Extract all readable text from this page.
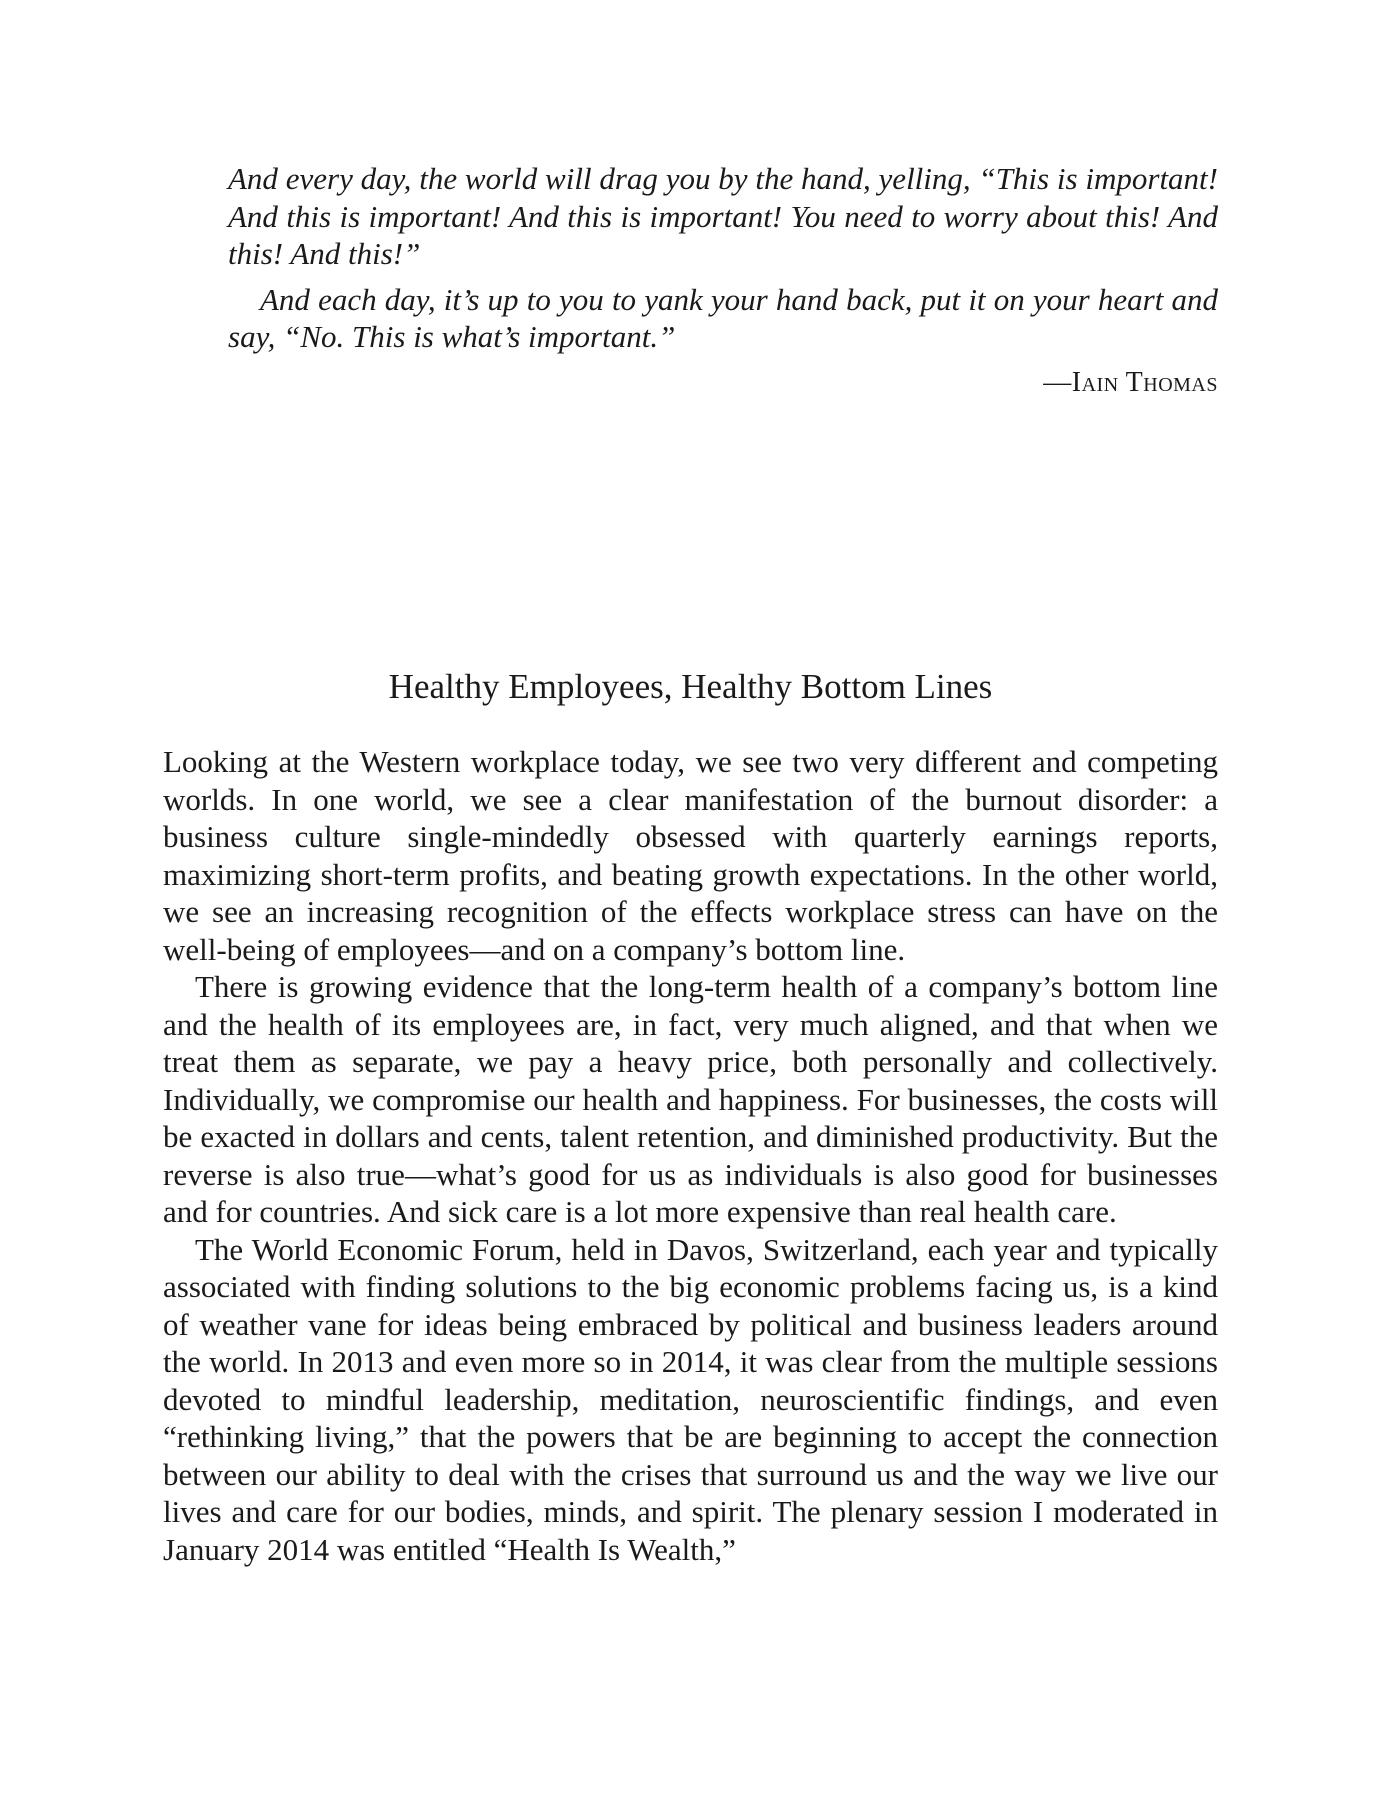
And every day, the world will drag you by the hand, yelling, “This is important! And this is important! And this is important! You need to worry about this! And this! And this!”

And each day, it’s up to you to yank your hand back, put it on your heart and say, “No. This is what’s important.”

—Iain Thomas
Healthy Employees, Healthy Bottom Lines

Looking at the Western workplace today, we see two very different and competing worlds. In one world, we see a clear manifestation of the burnout disorder: a business culture single-mindedly obsessed with quarterly earnings reports, maximizing short-term profits, and beating growth expectations. In the other world, we see an increasing recognition of the effects workplace stress can have on the well-being of employees—and on a company’s bottom line.

There is growing evidence that the long-term health of a company’s bottom line and the health of its employees are, in fact, very much aligned, and that when we treat them as separate, we pay a heavy price, both personally and collectively. Individually, we compromise our health and happiness. For businesses, the costs will be exacted in dollars and cents, talent retention, and diminished productivity. But the reverse is also true—what’s good for us as individuals is also good for businesses and for countries. And sick care is a lot more expensive than real health care.

The World Economic Forum, held in Davos, Switzerland, each year and typically associated with finding solutions to the big economic problems facing us, is a kind of weather vane for ideas being embraced by political and business leaders around the world. In 2013 and even more so in 2014, it was clear from the multiple sessions devoted to mindful leadership, meditation, neuroscientific findings, and even “rethinking living,” that the powers that be are beginning to accept the connection between our ability to deal with the crises that surround us and the way we live our lives and care for our bodies, minds, and spirit. The plenary session I moderated in January 2014 was entitled “Health Is Wealth,”
